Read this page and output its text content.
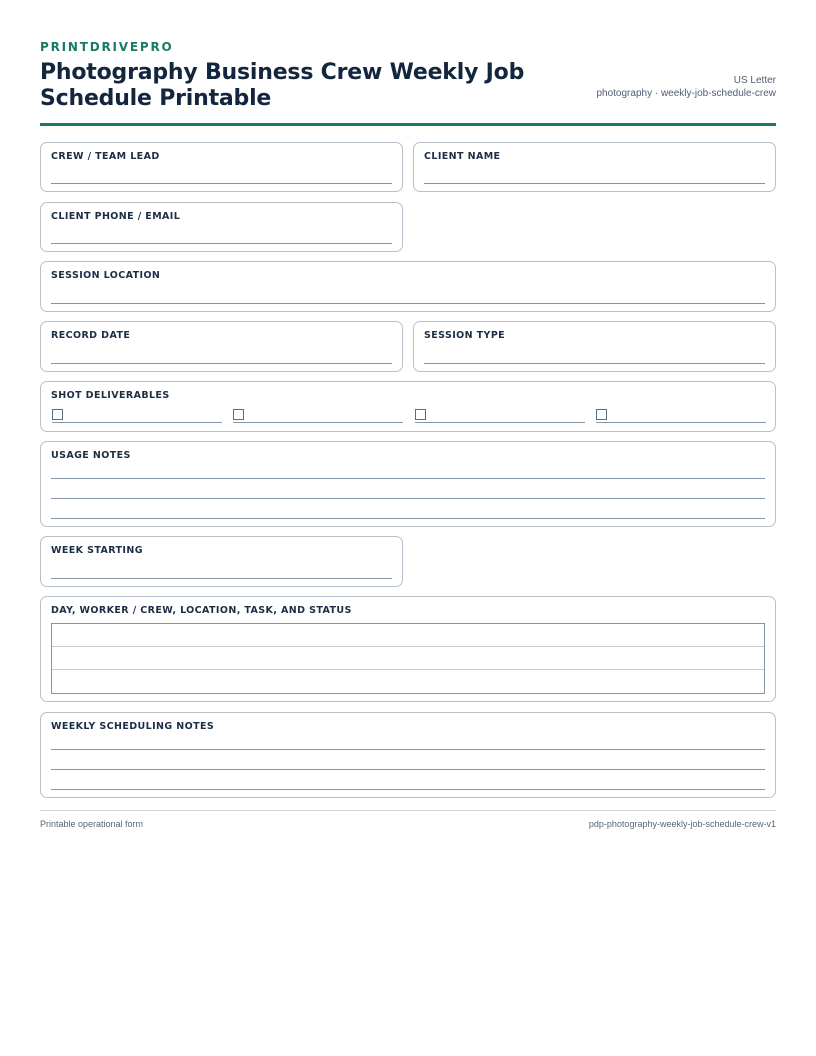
PRINTDRIVEPRO
Photography Business Crew Weekly Job Schedule Printable
US Letter
photography · weekly-job-schedule-crew
CREW / TEAM LEAD	CLIENT NAME
CLIENT PHONE / EMAIL
SESSION LOCATION
RECORD DATE	SESSION TYPE
SHOT DELIVERABLES
USAGE NOTES
WEEK STARTING
DAY, WORKER / CREW, LOCATION, TASK, AND STATUS
WEEKLY SCHEDULING NOTES
Printable operational form	pdp-photography-weekly-job-schedule-crew-v1
